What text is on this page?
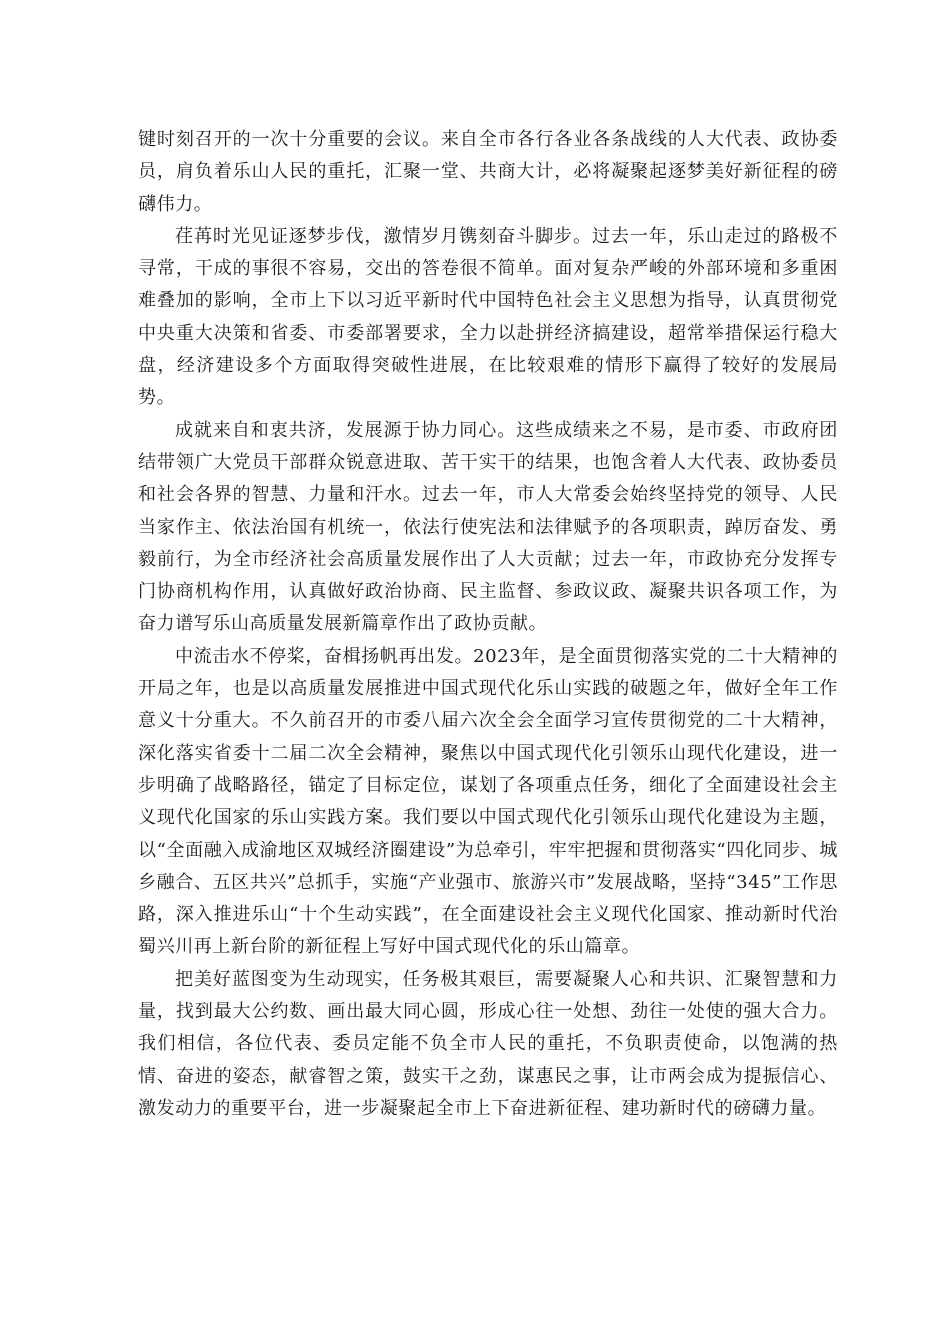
键时刻召开的一次十分重要的会议。来自全市各行各业各条战线的人大代表、政协委员，肩负着乐山人民的重托，汇聚一堂、共商大计，必将凝聚起逐梦美好新征程的磅礴伟力。

荏苒时光见证逐梦步伐，激情岁月镌刻奋斗脚步。过去一年，乐山走过的路极不寻常，干成的事很不容易，交出的答卷很不简单。面对复杂严峻的外部环境和多重困难叠加的影响，全市上下以习近平新时代中国特色社会主义思想为指导，认真贯彻党中央重大决策和省委、市委部署要求，全力以赴拼经济搞建设，超常举措保运行稳大盘，经济建设多个方面取得突破性进展，在比较艰难的情形下赢得了较好的发展局势。

成就来自和衷共济，发展源于协力同心。这些成绩来之不易，是市委、市政府团结带领广大党员干部群众锐意进取、苦干实干的结果，也饱含着人大代表、政协委员和社会各界的智慧、力量和汗水。过去一年，市人大常委会始终坚持党的领导、人民当家作主、依法治国有机统一，依法行使宪法和法律赋予的各项职责，踔厉奋发、勇毅前行，为全市经济社会高质量发展作出了人大贡献；过去一年，市政协充分发挥专门协商机构作用，认真做好政治协商、民主监督、参政议政、凝聚共识各项工作，为奋力谱写乐山高质量发展新篇章作出了政协贡献。

中流击水不停桨，奋楫扬帆再出发。2023年，是全面贯彻落实党的二十大精神的开局之年，也是以高质量发展推进中国式现代化乐山实践的破题之年，做好全年工作意义十分重大。不久前召开的市委八届六次全会全面学习宣传贯彻党的二十大精神，深化落实省委十二届二次全会精神，聚焦以中国式现代化引领乐山现代化建设，进一步明确了战略路径，锚定了目标定位，谋划了各项重点任务，细化了全面建设社会主义现代化国家的乐山实践方案。我们要以中国式现代化引领乐山现代化建设为主题，以“全面融入成渝地区双城经济圈建设”为总牵引，牢牢把握和贯彻落实“四化同步、城乡融合、五区共兴”总抓手，实施“产业强市、旅游兴市”发展战略，坚持“345”工作思路，深入推进乐山“十个生动实践”，在全面建设社会主义现代化国家、推动新时代治蜀兴川再上新台阶的新征程上写好中国式现代化的乐山篇章。

把美好蓝图变为生动现实，任务极其艰巨，需要凝聚人心和共识、汇聚智慧和力量，找到最大公约数、画出最大同心圆，形成心往一处想、劲往一处使的强大合力。我们相信，各位代表、委员定能不负全市人民的重托，不负职责使命，以饱满的热情、奋进的姿态，献睿智之策，鼓实干之劲，谋惠民之事，让市两会成为提振信心、激发动力的重要平台，进一步凝聚起全市上下奋进新征程、建功新时代的磅礴力量。
